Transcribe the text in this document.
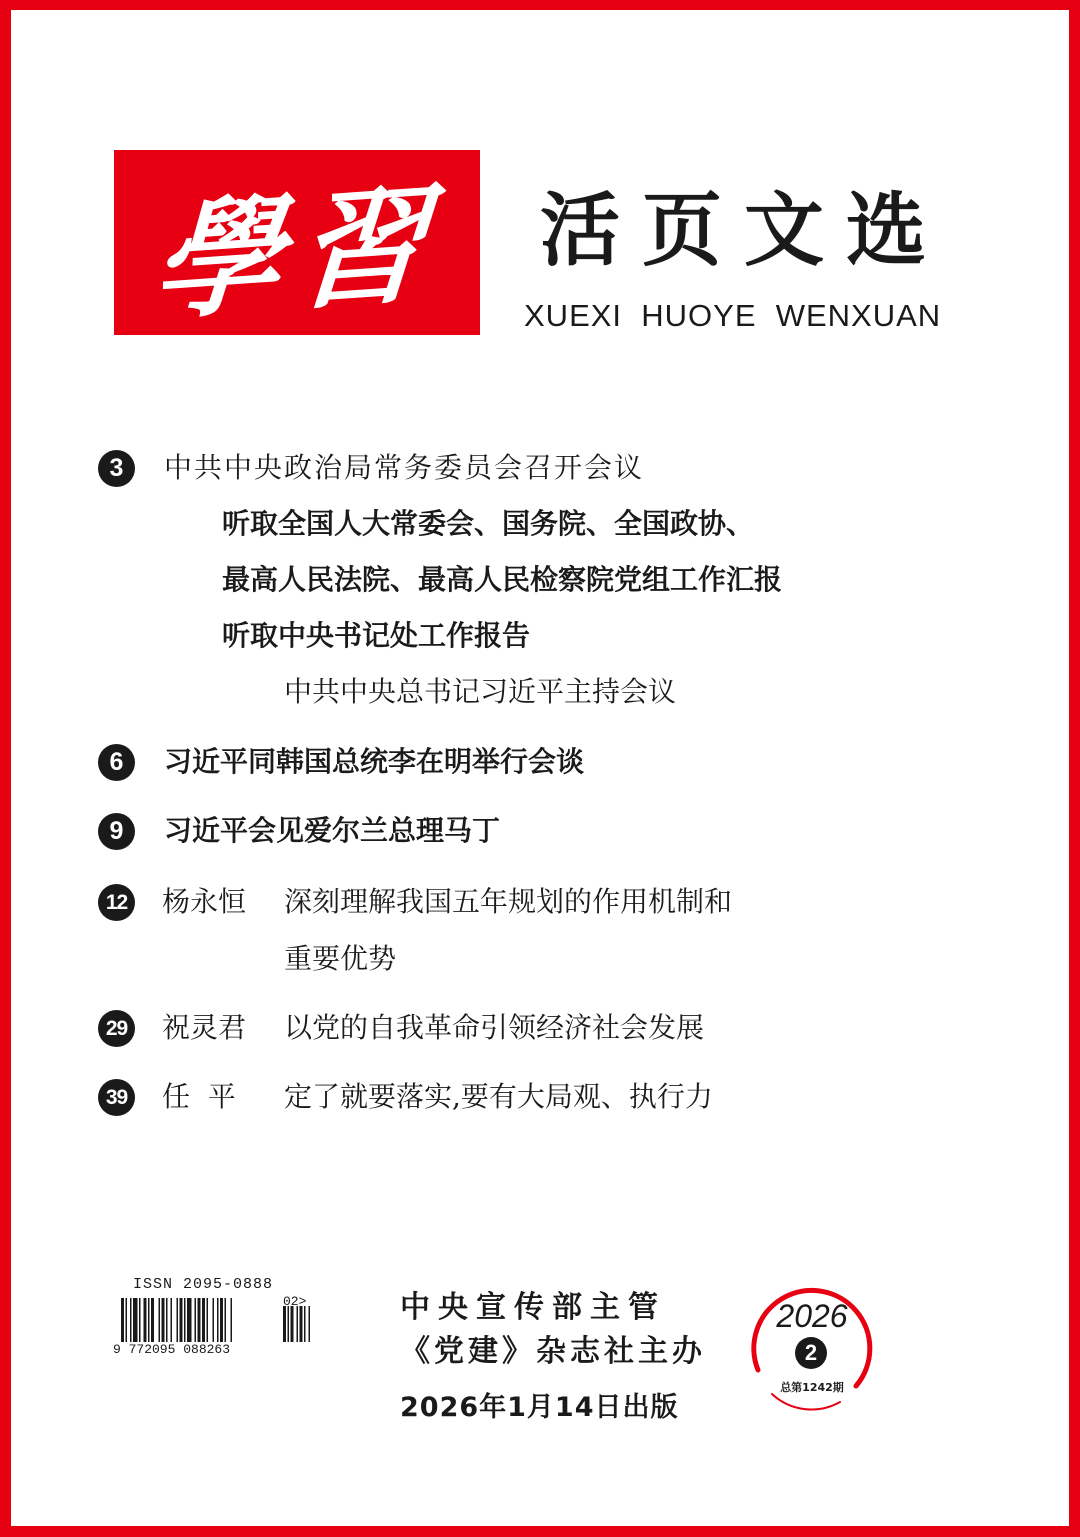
學習 活页文选
XUEXI  HUOYE  WENXUAN
3	中共中央政治局常务委员会召开会议
听取全国人大常委会、国务院、全国政协、
最高人民法院、最高人民检察院党组工作汇报
听取中央书记处工作报告
中共中央总书记习近平主持会议
6	习近平同韩国总统李在明举行会谈
9	习近平会见爱尔兰总理马丁
12 杨永恒 深刻理解我国五年规划的作用机制和
重要优势
29 祝灵君 以党的自我革命引领经济社会发展
39 任  平 定了就要落实,要有大局观、执行力
ISSN 2095-0888
02>
9 772095 088263
中央宣传部主管
《党建》杂志社主办
2026年1月14日出版
2026
2
总第1242期
